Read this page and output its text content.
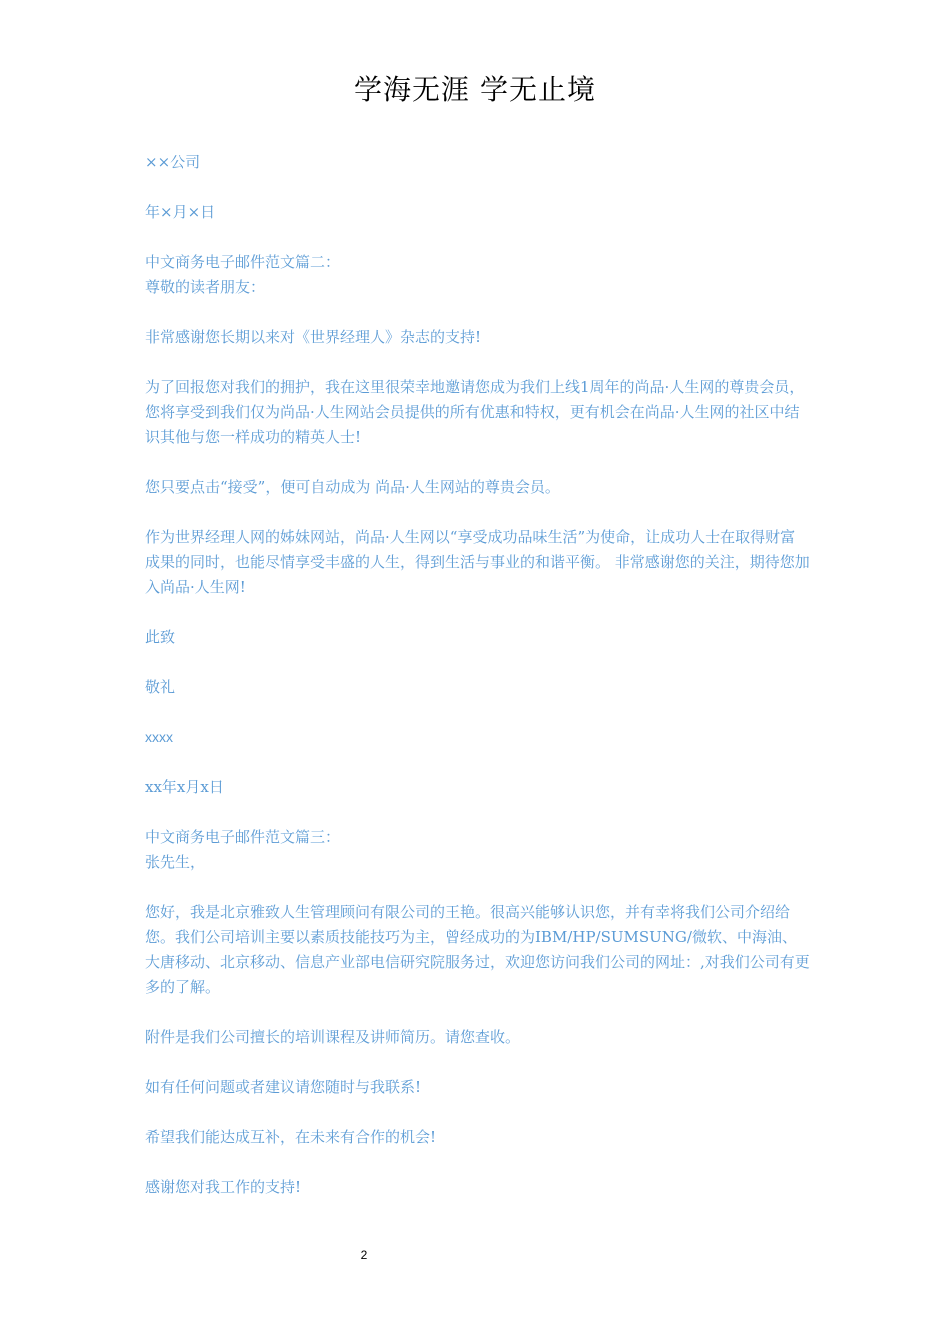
学海无涯 学无止境

××公司

年×月×日

中文商务电子邮件范文篇二：

尊敬的读者朋友：

非常感谢您长期以来对《世界经理人》杂志的支持!

为了回报您对我们的拥护，我在这里很荣幸地邀请您成为我们上线1周年的尚品·人生网的尊贵会员，您将享受到我们仅为尚品·人生网站会员提供的所有优惠和特权，更有机会在尚品·人生网的社区中结识其他与您一样成功的精英人士!

您只要点击“接受”，便可自动成为 尚品·人生网站的尊贵会员。

作为世界经理人网的姊妹网站，尚品·人生网以“享受成功品味生活”为使命，让成功人士在取得财富成果的同时，也能尽情享受丰盛的人生，得到生活与事业的和谐平衡。 非常感谢您的关注，期待您加入尚品·人生网!

此致

敬礼

xxxx

xx年x月x日

中文商务电子邮件范文篇三：

张先生，

您好，我是北京雅致人生管理顾问有限公司的王艳。很高兴能够认识您，并有幸将我们公司介绍给您。我们公司培训主要以素质技能技巧为主，曾经成功的为IBM/HP/SUMSUNG/微软、中海油、大唐移动、北京移动、信息产业部电信研究院服务过，欢迎您访问我们公司的网址：,对我们公司有更多的了解。

附件是我们公司擅长的培训课程及讲师简历。请您查收。

如有任何问题或者建议请您随时与我联系!

希望我们能达成互补，在未来有合作的机会!

感谢您对我工作的支持!

2
